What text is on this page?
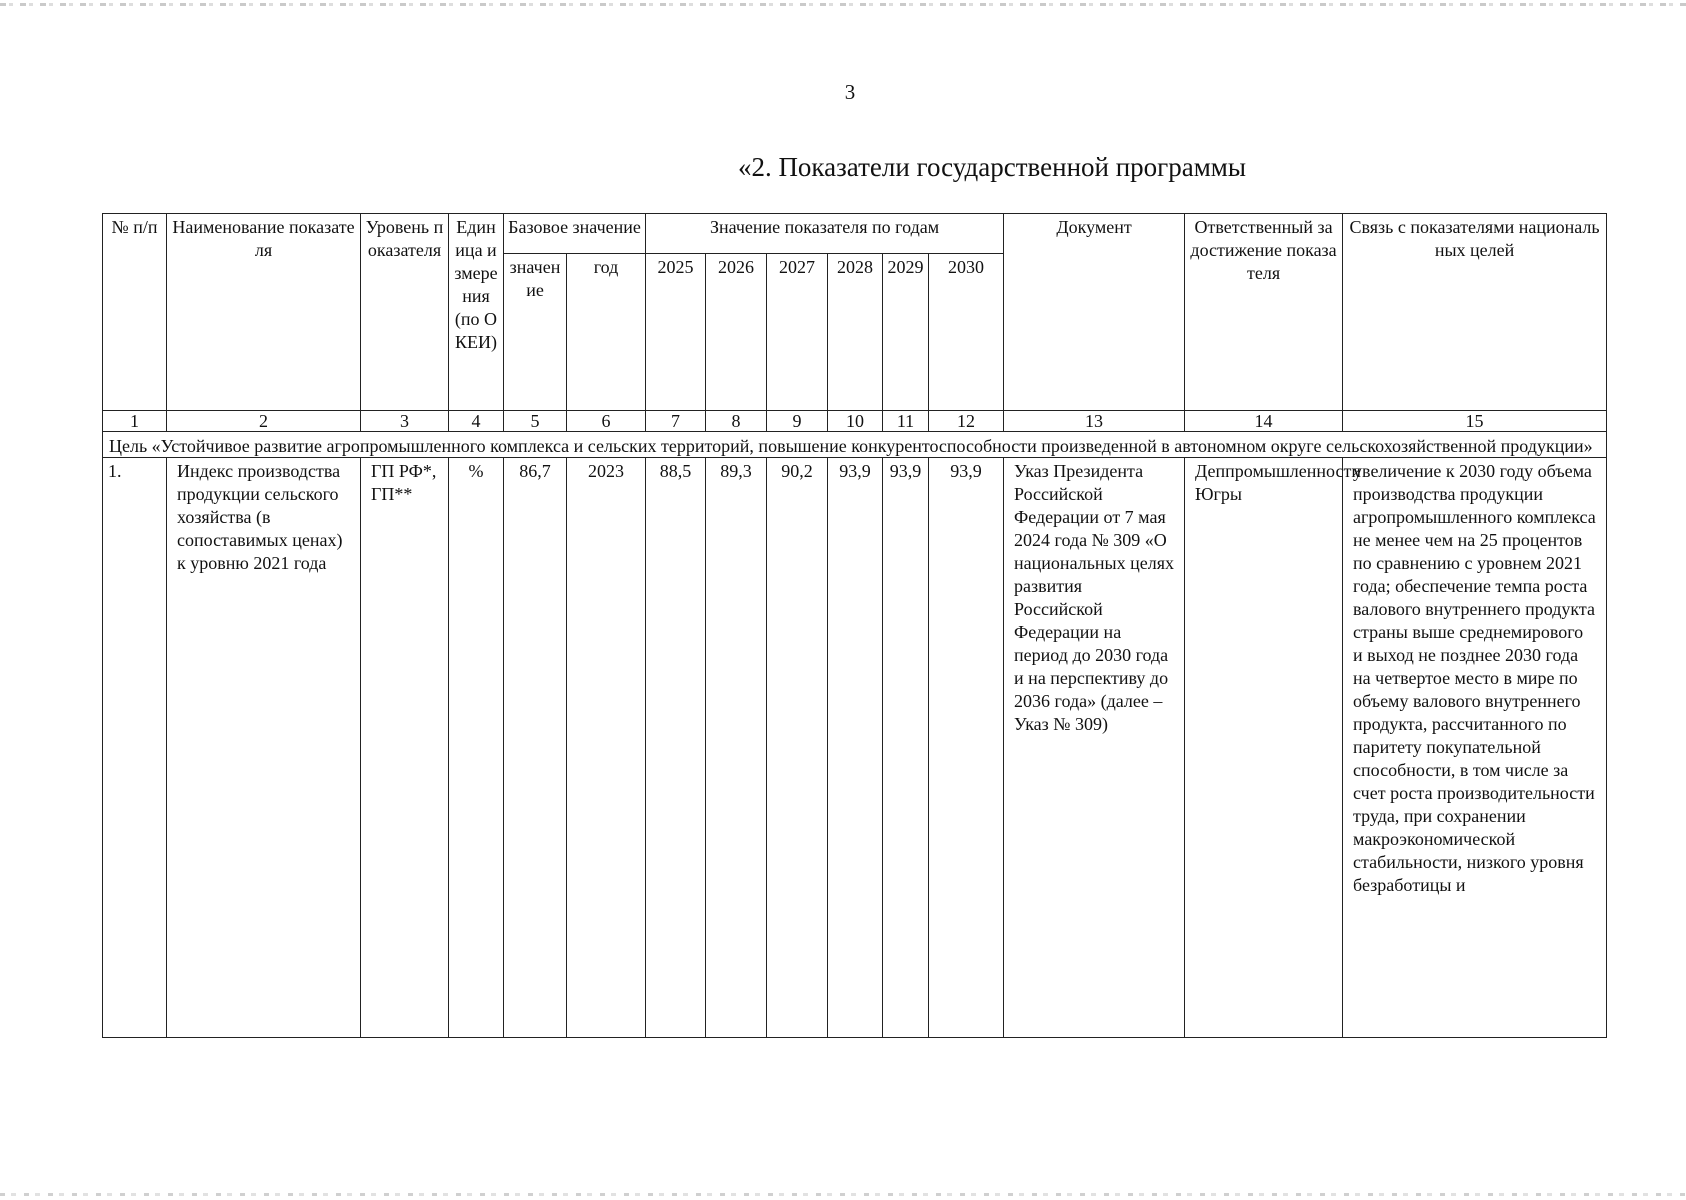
3
«2. Показатели государственной программы
№ п/п	Наименование показателя	Уровень показателя	Единица измерения (по ОКЕИ)	Базовое значение		Значение показателя по годам						Документ	Ответственный за достижение показателя	Связь с показателями национальных целей
				значение	год	2025	2026	2027	2028	2029	2030			
1	2	3	4	5	6	7	8	9	10	11	12	13	14	15
Цель «Устойчивое развитие агропромышленного комплекса и сельских территорий, повышение конкурентоспособности произведенной в автономном округе сельскохозяйственной продукции»														
1.	Индекс производства продукции сельского хозяйства (в сопоставимых ценах) к уровню 2021 года	ГП РФ*, ГП**	%	86,7	2023	88,5	89,3	90,2	93,9	93,9	93,9	Указ Президента Российской Федерации от 7 мая 2024 года № 309 «О национальных целях развития Российской Федерации на период до 2030 года и на перспективу до 2036 года» (далее – Указ № 309)	Деппромышленности Югры	увеличение к 2030 году объема производства продукции агропромышленного комплекса не менее чем на 25 процентов по сравнению с уровнем 2021 года; обеспечение темпа роста валового внутреннего продукта страны выше среднемирового и выход не позднее 2030 года на четвертое место в мире по объему валового внутреннего продукта, рассчитанного по паритету покупательной способности, в том числе за счет роста производительности труда, при сохранении макроэкономической стабильности, низкого уровня безработицы и
